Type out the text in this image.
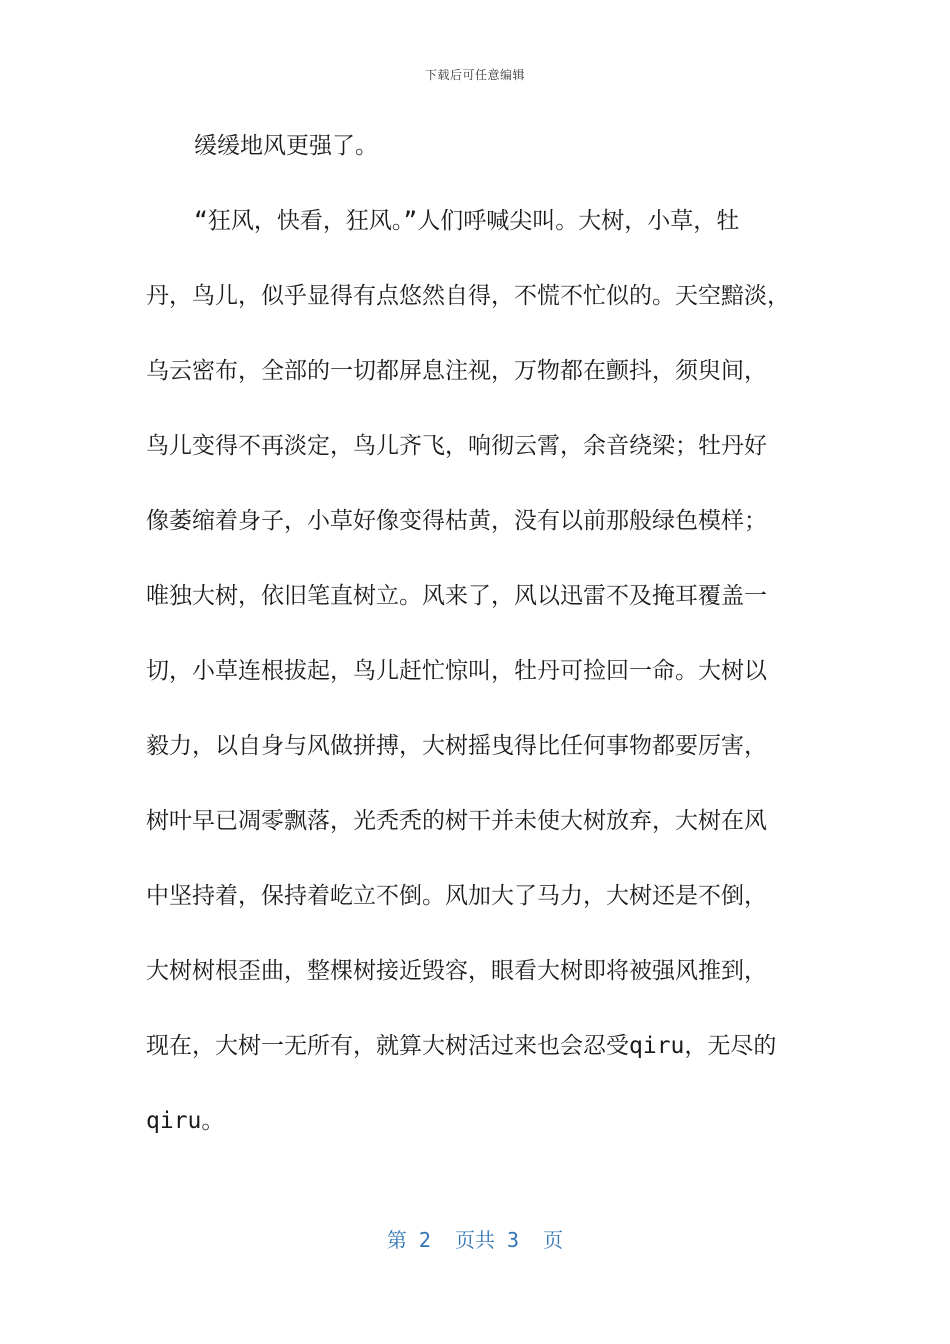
下载后可任意编辑
缓缓地风更强了。
“狂风，快看，狂风。”人们呼喊尖叫。大树，小草，牡
丹，鸟儿，似乎显得有点悠然自得，不慌不忙似的。天空黯淡，
乌云密布，全部的一切都屏息注视，万物都在颤抖，须臾间，
鸟儿变得不再淡定，鸟儿齐飞，响彻云霄，余音绕梁；牡丹好
像萎缩着身子，小草好像变得枯黄，没有以前那般绿色模样；
唯独大树，依旧笔直树立。风来了，风以迅雷不及掩耳覆盖一
切，小草连根拔起，鸟儿赶忙惊叫，牡丹可捡回一命。大树以
毅力，以自身与风做拼搏，大树摇曳得比任何事物都要厉害，
树叶早已凋零飘落，光秃秃的树干并未使大树放弃，大树在风
中坚持着，保持着屹立不倒。风加大了马力，大树还是不倒，
大树树根歪曲，整棵树接近毁容，眼看大树即将被强风推到，
现在，大树一无所有，就算大树活过来也会忍受qiru，无尽的
qiru。
第 2  页共 3  页
